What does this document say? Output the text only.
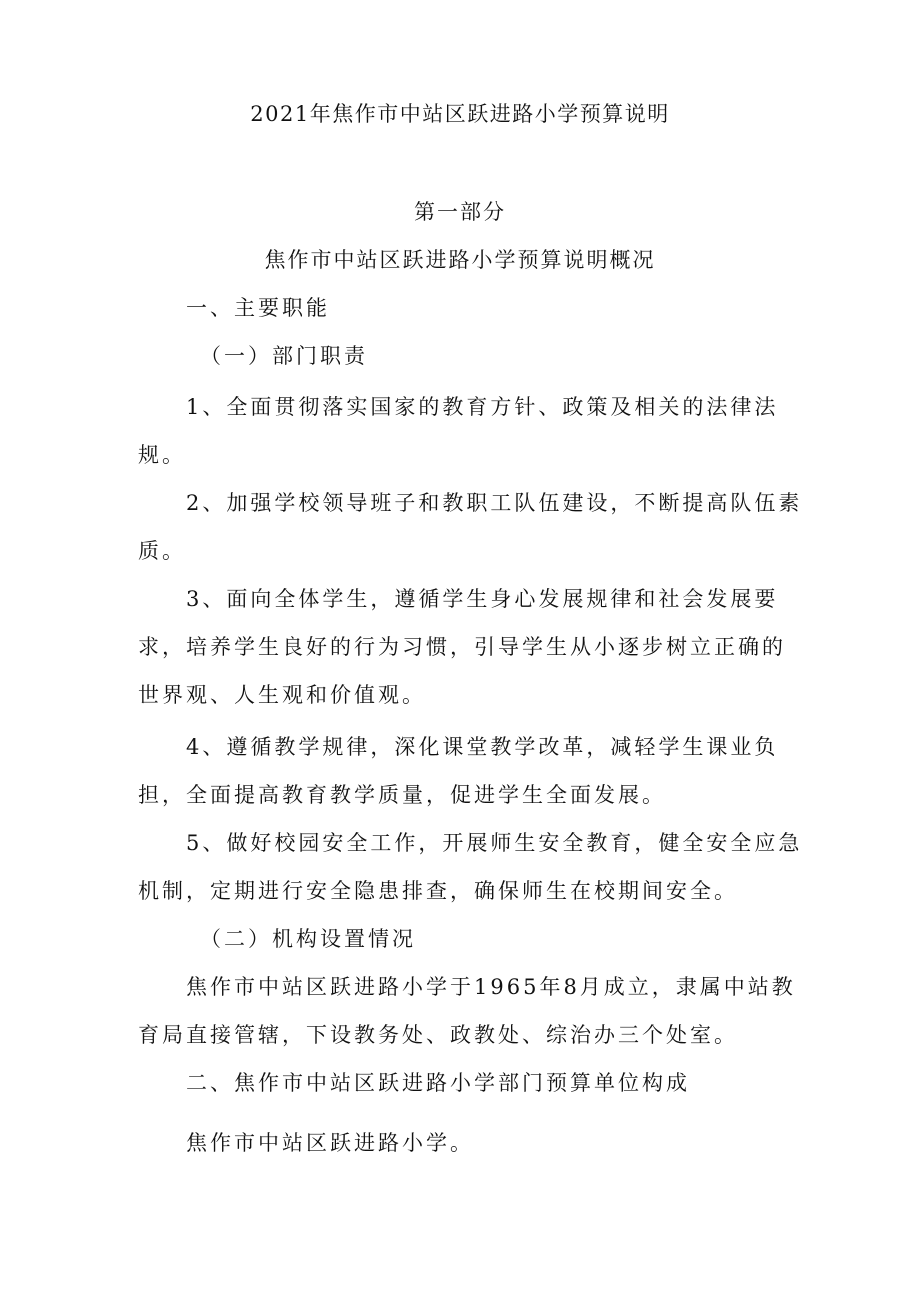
2021年焦作市中站区跃进路小学预算说明
第一部分
焦作市中站区跃进路小学预算说明概况
一、主要职能
（一）部门职责
1、全面贯彻落实国家的教育方针、政策及相关的法律法
规。
2、加强学校领导班子和教职工队伍建设，不断提高队伍素
质。
3、面向全体学生，遵循学生身心发展规律和社会发展要
求，培养学生良好的行为习惯，引导学生从小逐步树立正确的
世界观、人生观和价值观。
4、遵循教学规律，深化课堂教学改革，减轻学生课业负
担，全面提高教育教学质量，促进学生全面发展。
5、做好校园安全工作，开展师生安全教育，健全安全应急
机制，定期进行安全隐患排查，确保师生在校期间安全。
（二）机构设置情况
焦作市中站区跃进路小学于1965年8月成立，隶属中站教
育局直接管辖，下设教务处、政教处、综治办三个处室。
二、焦作市中站区跃进路小学部门预算单位构成
焦作市中站区跃进路小学。
